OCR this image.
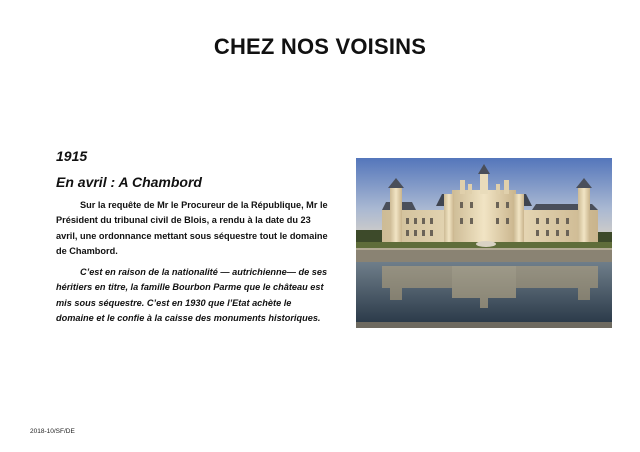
CHEZ NOS VOISINS
1915
En avril : A Chambord

Sur la requête de Mr le Procureur de la République, Mr le Président du tribunal civil de Blois, a rendu à la date du 23 avril, une ordonnance mettant sous séquestre tout le domaine de Chambord.

C’est en raison de la nationalité — autrichienne— de ses héritiers en titre, la famille Bourbon Parme que le château est mis sous séquestre. C’est en 1930 que l’Etat achète le domaine et le confie à la caisse des monuments historiques.

2018-10/SF/DE
